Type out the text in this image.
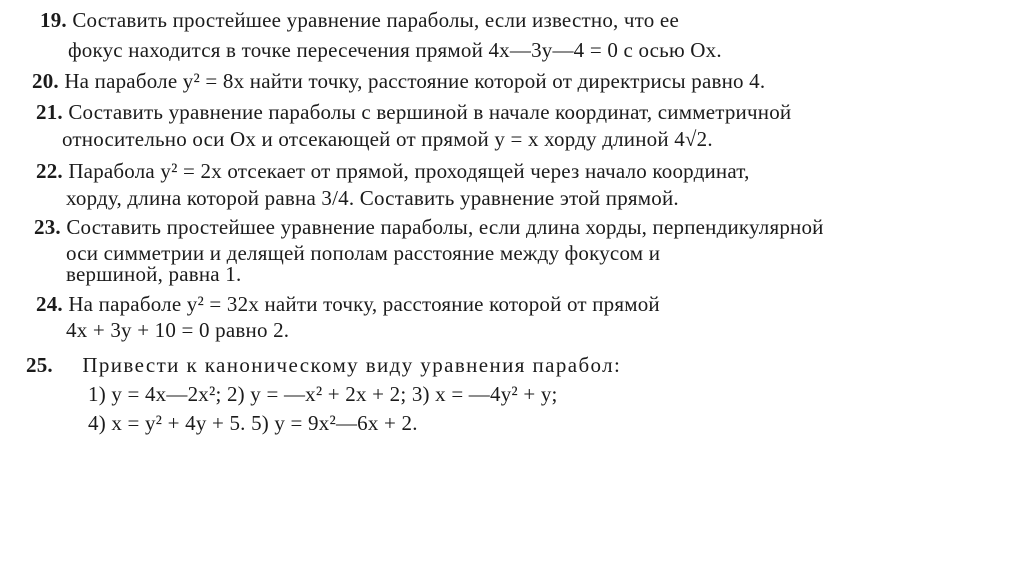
19. Составить простейшее уравнение параболы, если известно, что ее
фокус находится в точке пересечения прямой 4x—3y—4 = 0 с осью Ox.
20. На параболе y² = 8x найти точку, расстояние которой от директрисы равно 4.
21. Составить уравнение параболы с вершиной в начале координат, симметричной
относительно оси Ox и отсекающей от прямой y = x хорду длиной 4√2.
22. Парабола y² = 2x отсекает от прямой, проходящей через начало координат,
хорду, длина которой равна 3/4. Составить уравнение этой прямой.
23. Составить простейшее уравнение параболы, если длина хорды, перпендикулярной
оси симметрии и делящей пополам расстояние между фокусом и
вершиной, равна 1.
24. На параболе y² = 32x найти точку, расстояние которой от прямой
4x + 3y + 10 = 0 равно 2.
25. Привести к каноническому виду уравнения парабол:
1) y = 4x—2x²; 2) y = —x² + 2x + 2; 3) x = —4y² + y;
4) x = y² + 4y + 5. 5) y = 9x²—6x + 2.
